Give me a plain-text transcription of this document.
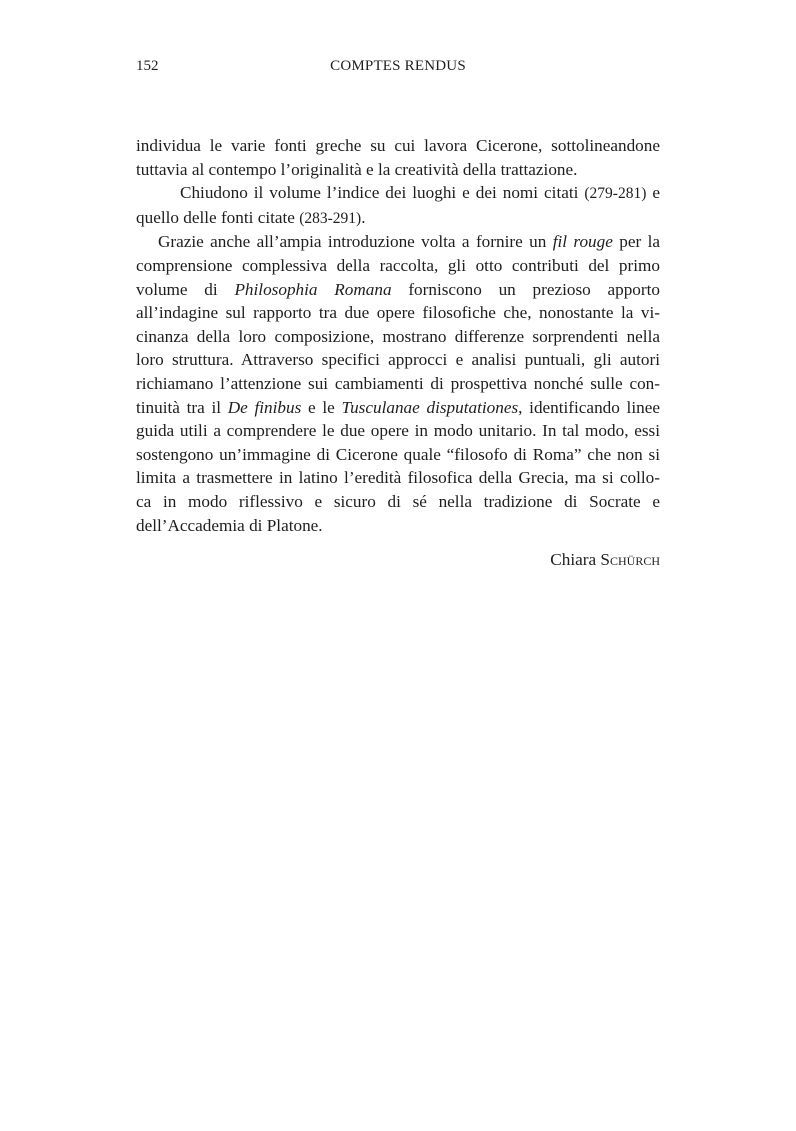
152	COMPTES RENDUS

individua le varie fonti greche su cui lavora Cicerone, sottolineandone
tuttavia al contempo l’originalità e la creatività della trattazione.

Chiudono il volume l’indice dei luoghi e dei nomi citati (279-281) e
quello delle fonti citate (283-291).

Grazie anche all’ampia introduzione volta a fornire un fil rouge per la
comprensione complessiva della raccolta, gli otto contributi del primo
volume di Philosophia Romana forniscono un prezioso apporto
all’indagine sul rapporto tra due opere filosofiche che, nonostante la vi-
cinanza della loro composizione, mostrano differenze sorprendenti nella
loro struttura. Attraverso specifici approcci e analisi puntuali, gli autori
richiamano l’attenzione sui cambiamenti di prospettiva nonché sulle con-
tinuità tra il De finibus e le Tusculanae disputationes, identificando linee
guida utili a comprendere le due opere in modo unitario. In tal modo, essi
sostengono un’immagine di Cicerone quale “filosofo di Roma” che non si
limita a trasmettere in latino l’eredità filosofica della Grecia, ma si collo-
ca in modo riflessivo e sicuro di sé nella tradizione di Socrate e
dell’Accademia di Platone.

Chiara Schürch
